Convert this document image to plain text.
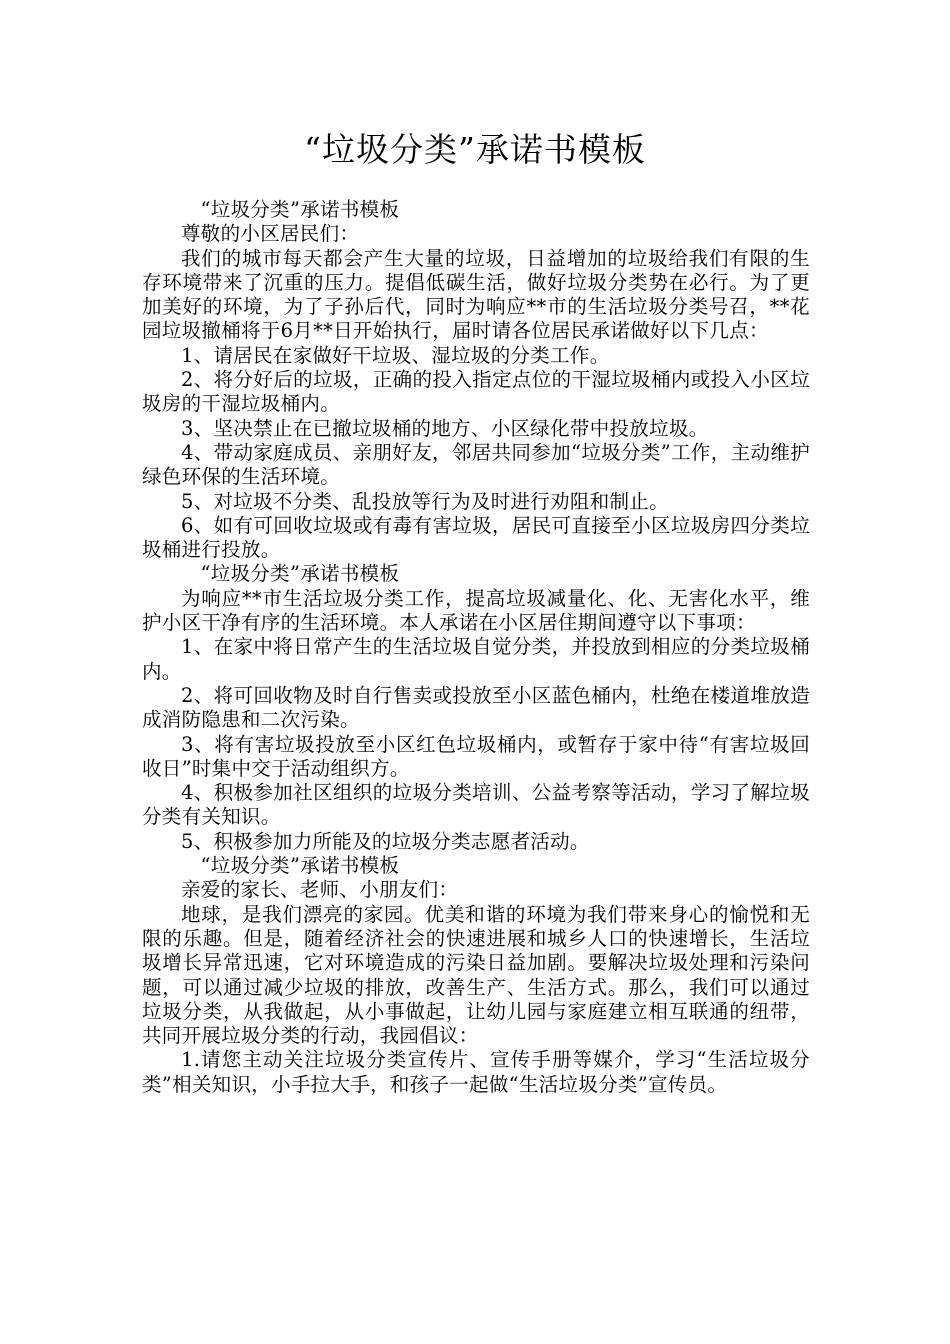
“垃圾分类”承诺书模板

“垃圾分类”承诺书模板

尊敬的小区居民们：

我们的城市每天都会产生大量的垃圾，日益增加的垃圾给我们有限的生存环境带来了沉重的压力。提倡低碳生活，做好垃圾分类势在必行。为了更加美好的环境，为了子孙后代，同时为响应**市的生活垃圾分类号召，**花园垃圾撤桶将于6月**日开始执行，届时请各位居民承诺做好以下几点：

1、请居民在家做好干垃圾、湿垃圾的分类工作。

2、将分好后的垃圾，正确的投入指定点位的干湿垃圾桶内或投入小区垃圾房的干湿垃圾桶内。

3、坚决禁止在已撤垃圾桶的地方、小区绿化带中投放垃圾。

4、带动家庭成员、亲朋好友，邻居共同参加“垃圾分类”工作，主动维护绿色环保的生活环境。

5、对垃圾不分类、乱投放等行为及时进行劝阻和制止。

6、如有可回收垃圾或有毒有害垃圾，居民可直接至小区垃圾房四分类垃圾桶进行投放。

“垃圾分类”承诺书模板

为响应**市生活垃圾分类工作，提高垃圾减量化、化、无害化水平，维护小区干净有序的生活环境。本人承诺在小区居住期间遵守以下事项：

1、在家中将日常产生的生活垃圾自觉分类，并投放到相应的分类垃圾桶内。

2、将可回收物及时自行售卖或投放至小区蓝色桶内，杜绝在楼道堆放造成消防隐患和二次污染。

3、将有害垃圾投放至小区红色垃圾桶内，或暂存于家中待“有害垃圾回收日”时集中交于活动组织方。

4、积极参加社区组织的垃圾分类培训、公益考察等活动，学习了解垃圾分类有关知识。

5、积极参加力所能及的垃圾分类志愿者活动。

“垃圾分类”承诺书模板

亲爱的家长、老师、小朋友们：

地球，是我们漂亮的家园。优美和谐的环境为我们带来身心的愉悦和无限的乐趣。但是，随着经济社会的快速进展和城乡人口的快速增长，生活垃圾增长异常迅速，它对环境造成的污染日益加剧。要解决垃圾处理和污染问题，可以通过减少垃圾的排放，改善生产、生活方式。那么，我们可以通过垃圾分类，从我做起，从小事做起，让幼儿园与家庭建立相互联通的纽带，共同开展垃圾分类的行动，我园倡议：

1.请您主动关注垃圾分类宣传片、宣传手册等媒介，学习“生活垃圾分类”相关知识，小手拉大手，和孩子一起做“生活垃圾分类”宣传员。
